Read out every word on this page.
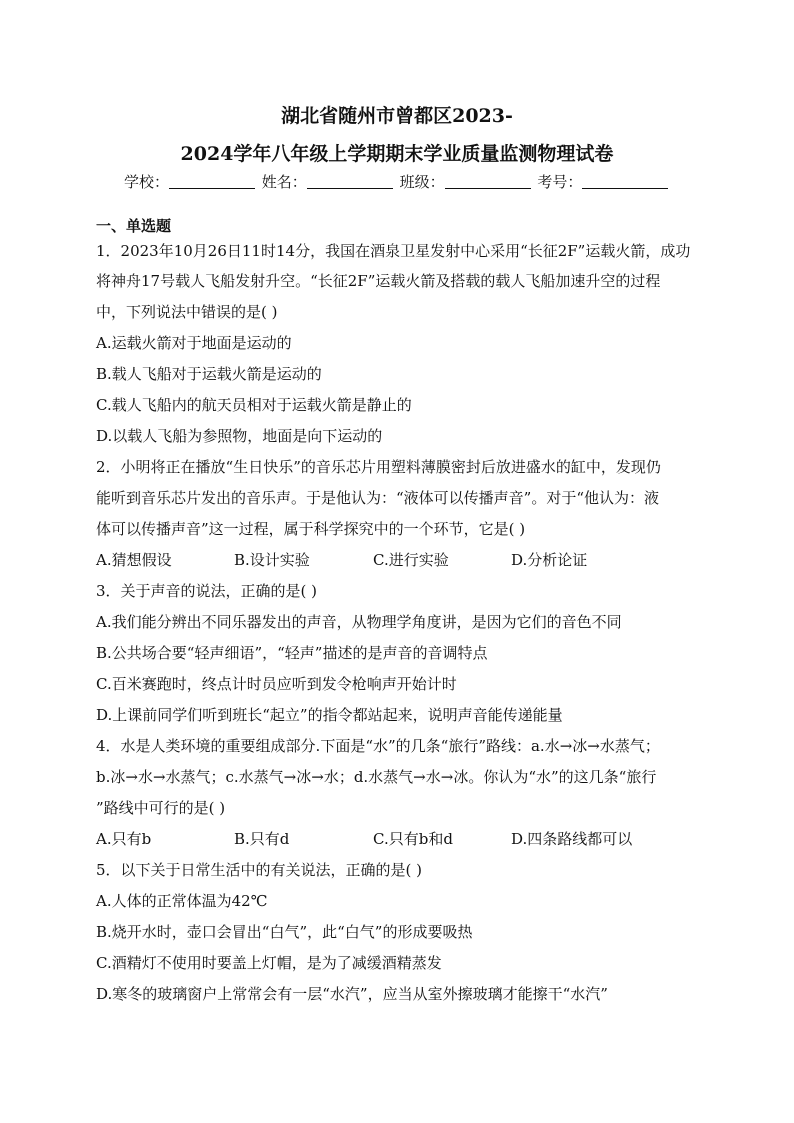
湖北省随州市曾都区2023-
2024学年八年级上学期期末学业质量监测物理试卷
学校：	姓名：	班级：	考号：
一、单选题
1．2023年10月26日11时14分，我国在酒泉卫星发射中心采用“长征2F”运载火箭，成功
将神舟17号载人飞船发射升空。“长征2F”运载火箭及搭载的载人飞船加速升空的过程
中，下列说法中错误的是( )
A.运载火箭对于地面是运动的
B.载人飞船对于运载火箭是运动的
C.载人飞船内的航天员相对于运载火箭是静止的
D.以载人飞船为参照物，地面是向下运动的
2．小明将正在播放“生日快乐”的音乐芯片用塑料薄膜密封后放进盛水的缸中，发现仍
能听到音乐芯片发出的音乐声。于是他认为：“液体可以传播声音”。对于“他认为：液
体可以传播声音”这一过程，属于科学探究中的一个环节，它是( )
A.猜想假设	B.设计实验	C.进行实验	D.分析论证
3．关于声音的说法，正确的是( )
A.我们能分辨出不同乐器发出的声音，从物理学角度讲，是因为它们的音色不同
B.公共场合要“轻声细语”，“轻声”描述的是声音的音调特点
C.百米赛跑时，终点计时员应听到发令枪响声开始计时
D.上课前同学们听到班长“起立”的指令都站起来，说明声音能传递能量
4．水是人类环境的重要组成部分.下面是“水”的几条“旅行”路线：a.水→冰→水蒸气；
b.冰→水→水蒸气；c.水蒸气→冰→水；d.水蒸气→水→冰。你认为“水”的这几条“旅行
”路线中可行的是( )
A.只有b	B.只有d	C.只有b和d	D.四条路线都可以
5．以下关于日常生活中的有关说法，正确的是( )
A.人体的正常体温为42℃
B.烧开水时，壶口会冒出“白气”，此“白气”的形成要吸热
C.酒精灯不使用时要盖上灯帽，是为了减缓酒精蒸发
D.寒冬的玻璃窗户上常常会有一层“水汽”，应当从室外擦玻璃才能擦干“水汽”
